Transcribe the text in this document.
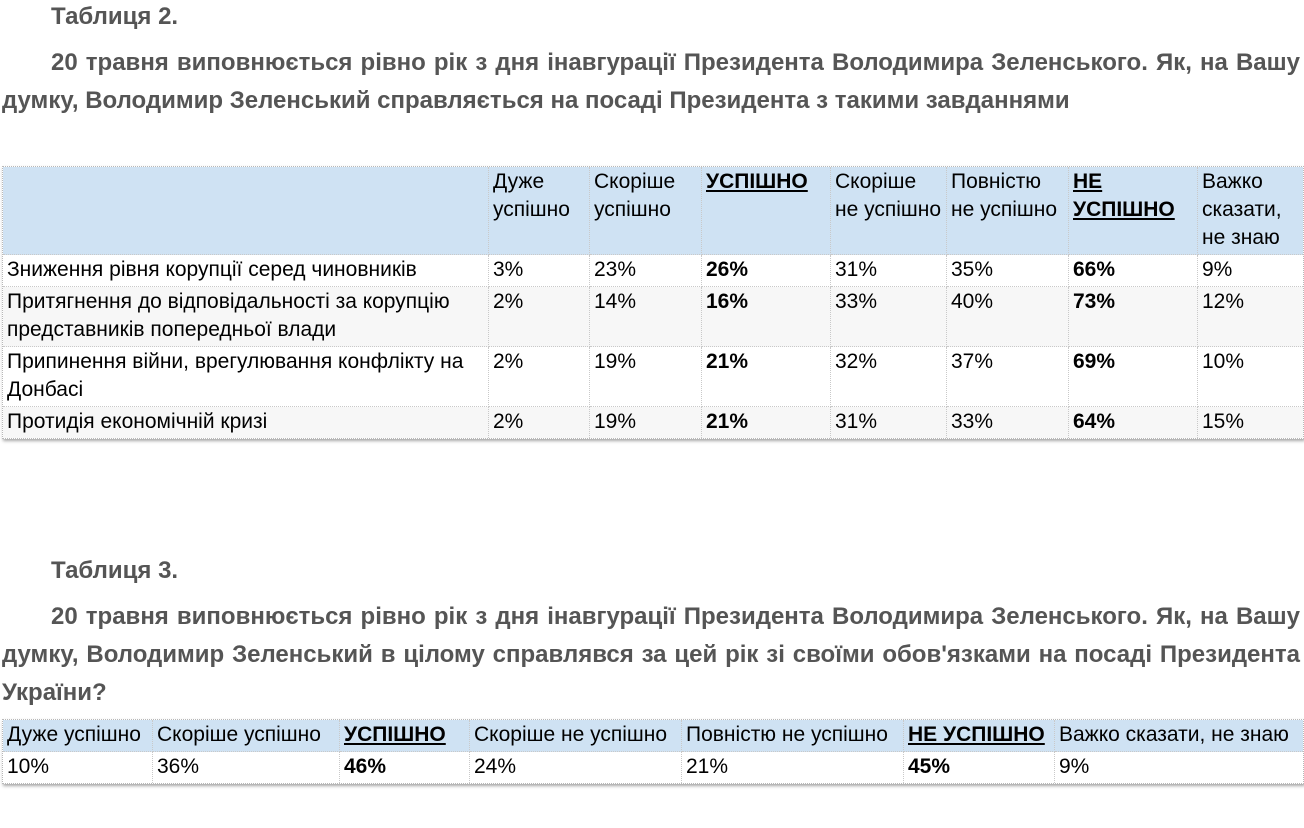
Таблиця 2.

20 травня виповнюється рівно рік з дня інавгурації Президента Володимира Зеленського. Як, на Вашу думку, Володимир Зеленський справляється на посаді Президента з такими завданнями

	Дуже успішно	Скоріше успішно	УСПІШНО	Скоріше не успішно	Повністю не успішно	НЕ УСПІШНО	Важко сказати, не знаю
Зниження рівня корупції серед чиновників	3%	23%	26%	31%	35%	66%	9%
Притягнення до відповідальності за корупцію представників попередньої влади	2%	14%	16%	33%	40%	73%	12%
Припинення війни, врегулювання конфлікту на Донбасі	2%	19%	21%	32%	37%	69%	10%
Протидія економічній кризі	2%	19%	21%	31%	33%	64%	15%

Таблиця 3.

20 травня виповнюється рівно рік з дня інавгурації Президента Володимира Зеленського. Як, на Вашу думку, Володимир Зеленський в цілому справлявся за цей рік зі своїми обов'язками на посаді Президента України?

Дуже успішно	Скоріше успішно	УСПІШНО	Скоріше не успішно	Повністю не успішно	НЕ УСПІШНО	Важко сказати, не знаю
10%	36%	46%	24%	21%	45%	9%
